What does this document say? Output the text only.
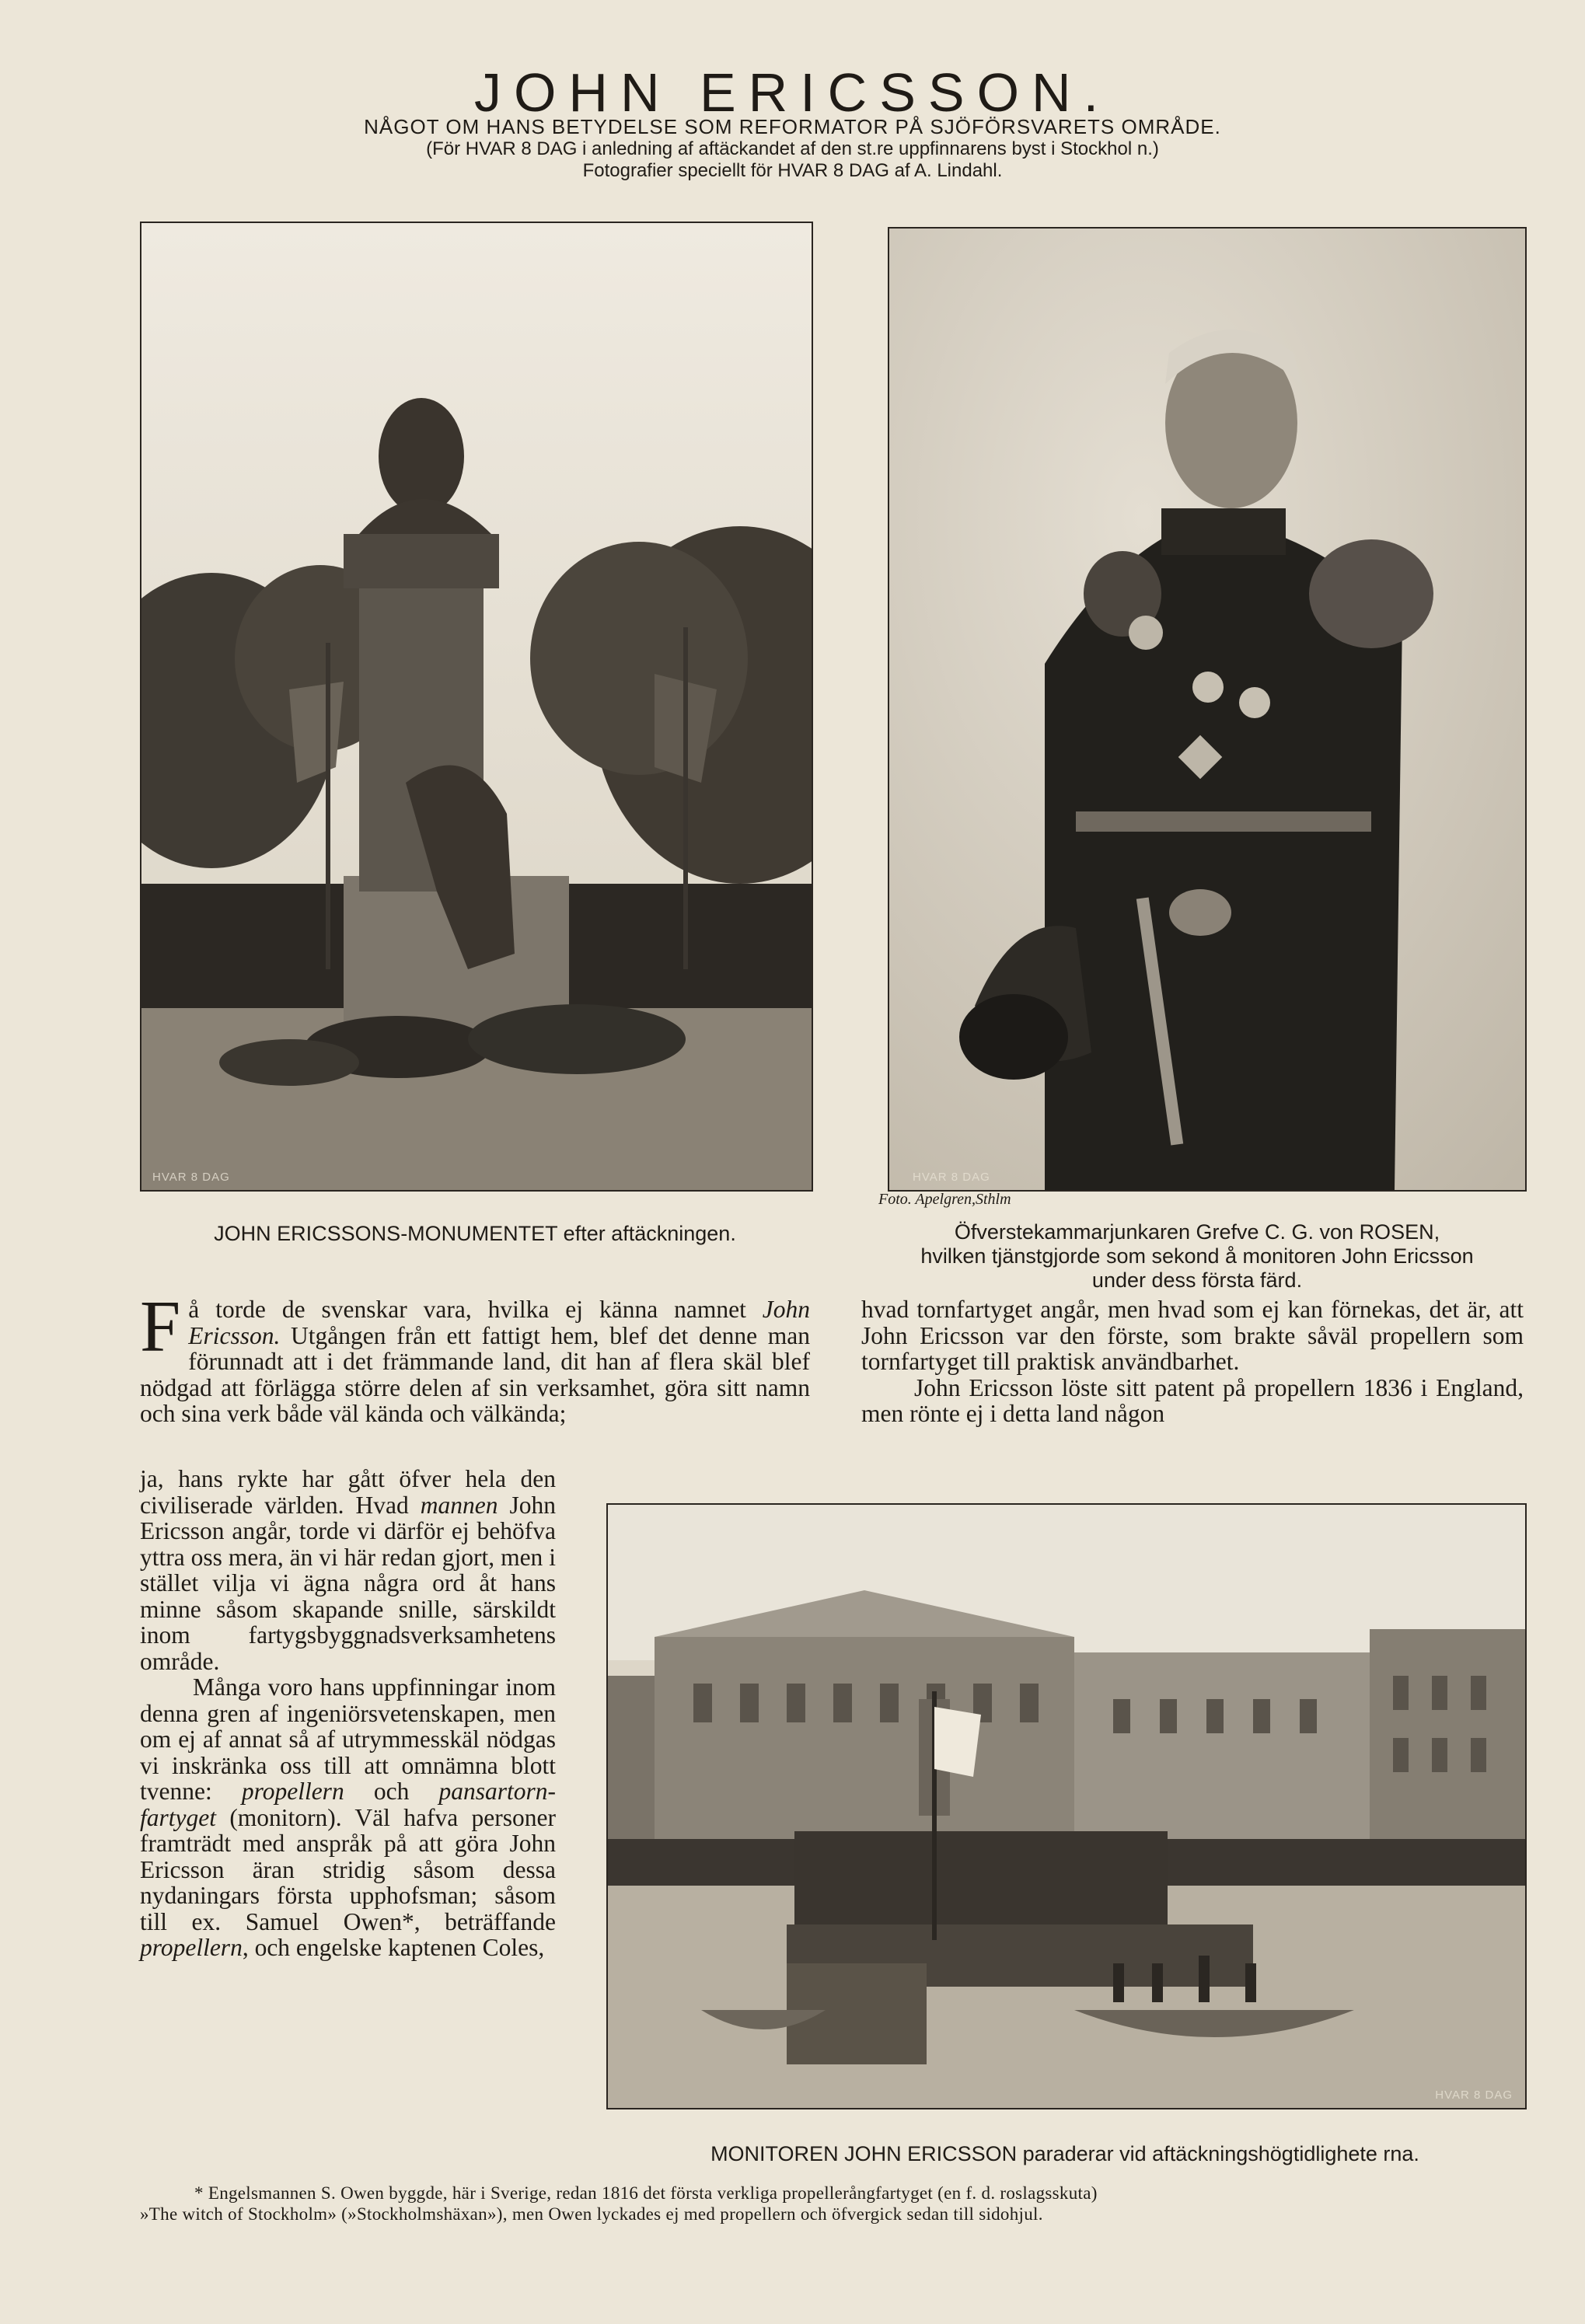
JOHN ERICSSON.
NÅGOT OM HANS BETYDELSE SOM REFORMATOR PÅ SJÖFÖRSVARETS OMRÅDE.
(För HVAR 8 DAG i anledning af aftäckandet af den st.re uppfinnarens byst i Stockhol n.)
Fotografier speciellt för HVAR 8 DAG af A. Lindahl.
HVAR 8 DAG
JOHN ERICSSONS-MONUMENTET efter aftäckningen.
HVAR 8 DAG
Foto. Apelgren,Sthlm
Öfverstekammarjunkaren Grefve C. G. von ROSEN,
hvilken tjänstgjorde som sekond å monitoren John Ericsson
under dess första färd.
F å torde de svenskar vara, hvilka ej känna namnet John Ericsson. Utgången från ett fattigt hem, blef det denne man förunnadt att i det främmande land, dit han af flera skäl blef nödgad att förlägga större delen af sin verksamhet, göra sitt namn och sina verk både väl kända och välkända;

hvad tornfartyget angår, men hvad som ej kan förnekas, det är, att John Ericsson var den förste, som brakte såväl propellern som tornfartyget till praktisk användbarhet.

John Ericsson löste sitt patent på propellern 1836 i England, men rönte ej i detta land någon

ja, hans rykte har gått öfver hela den civiliserade världen. Hvad mannen John Ericsson angår, torde vi därför ej behöfva yttra oss mera, än vi här redan gjort, men i stället vilja vi ägna några ord åt hans minne såsom skapande snille, särskildt inom fartygsbyggnadsverksamhetens område.

Många voro hans uppfinningar inom denna gren af ingeniörsvetenskapen, men om ej af annat så af utrymmesskäl nödgas vi inskränka oss till att omnämna blott tvenne: propellern och pansartorn-fartyget (monitorn). Väl hafva personer framträdt med anspråk på att göra John Ericsson äran stridig såsom dessa nydaningars första upphofsman; såsom till ex. Samuel Owen*, beträffande propellern, och engelske kaptenen Coles,

HVAR 8 DAG
MONITOREN JOHN ERICSSON paraderar vid aftäckningshögtidlighete rna.
* Engelsmannen S. Owen byggde, här i Sverige, redan 1816 det första verkliga propellerångfartyget (en f. d. roslagsskuta)
»The witch of Stockholm» (»Stockholmshäxan»), men Owen lyckades ej med propellern och öfvergick sedan till sidohjul.
